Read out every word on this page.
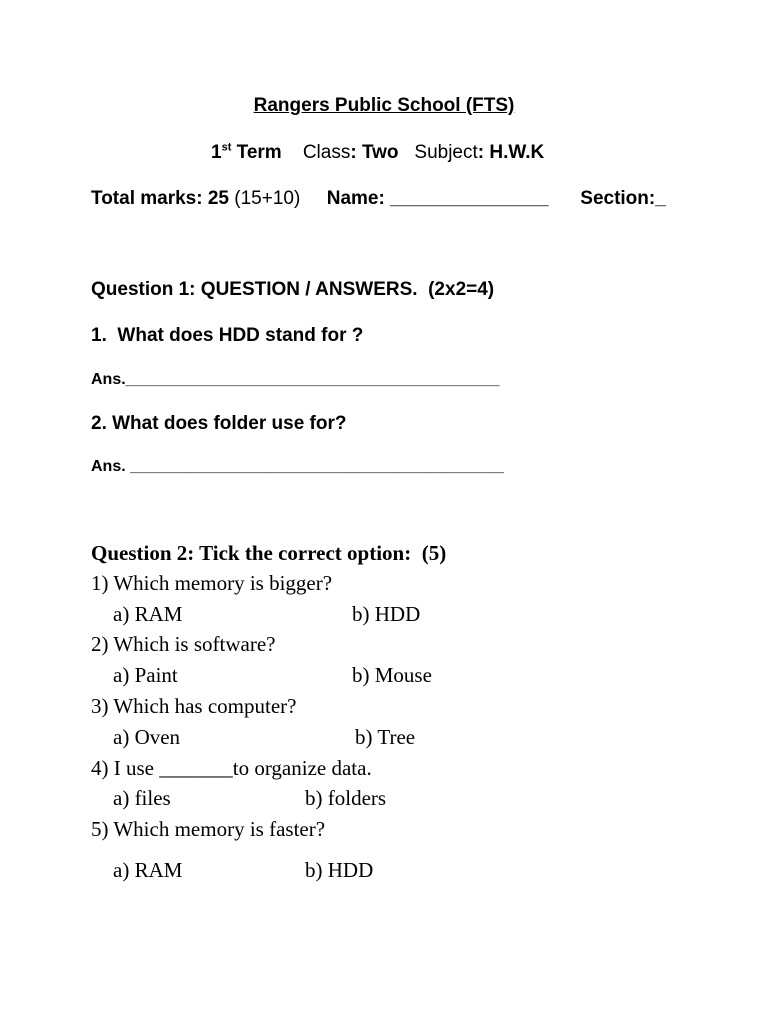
Rangers Public School (FTS)
1st Term Class: Two Subject: H.W.K
Total marks: 25 (15+10) Name: _______________ Section:_
Question 1: QUESTION / ANSWERS.  (2x2=4)
1.  What does HDD stand for ?
Ans.__________________________________________
2. What does folder use for?
Ans. __________________________________________
Question 2: Tick the correct option:  (5)
1) Which memory is bigger?
a) RAM	b) HDD
2) Which is software?
a) Paint	b) Mouse
3) Which has computer?
a) Oven	b) Tree
4) I use _______to organize data.
a) files	b) folders
5) Which memory is faster?
a) RAM	b) HDD
